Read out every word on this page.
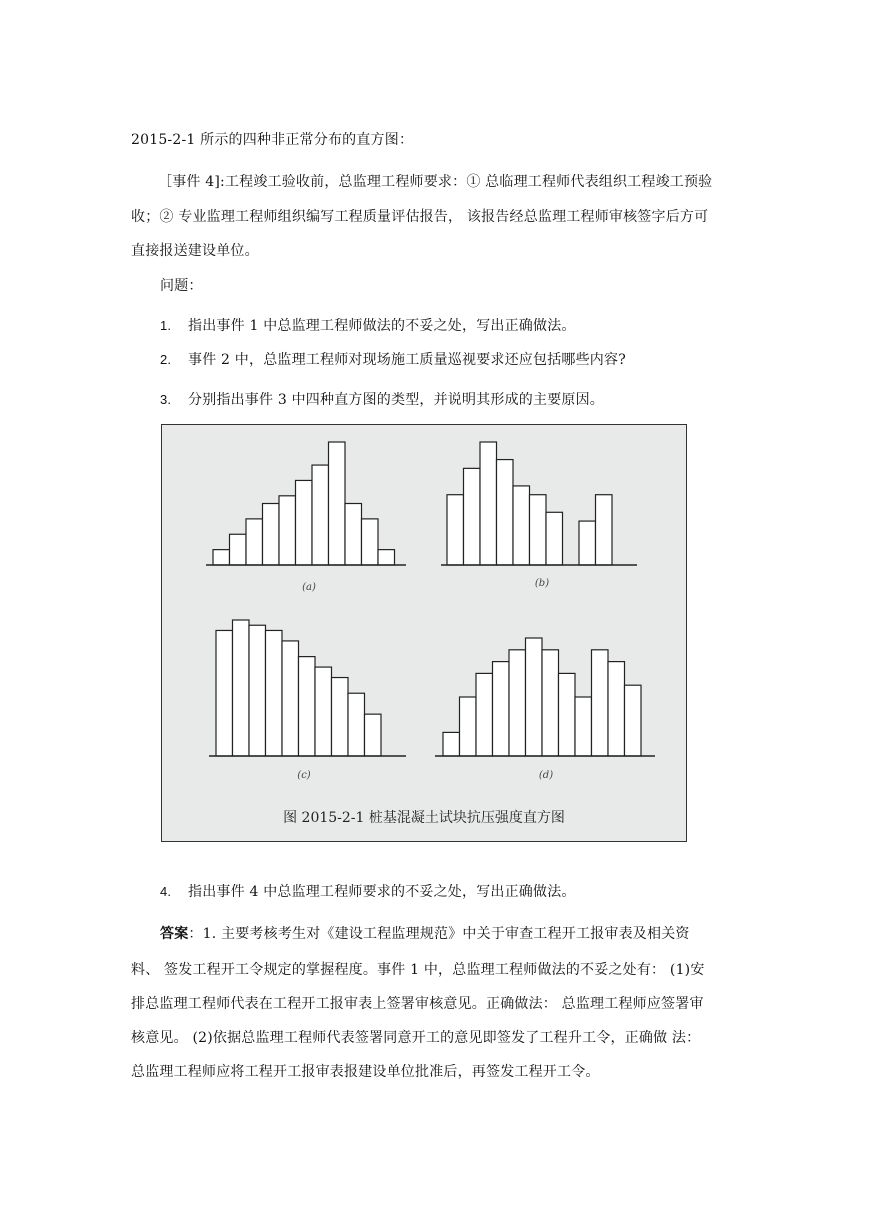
2015-2-1 所示的四种非正常分布的直方图：
［事件 4]:工程竣工验收前，总监理工程师要求：① 总临理工程师代表组织工程竣工预验
收；② 专业监理工程师组织编写工程质量评估报告， 该报告经总监理工程师审核签字后方可
直接报送建设单位。
问题：
1. 指出事件 1 中总监理工程师做法的不妥之处，写出正确做法。
2. 事件 2 中，总监理工程师对现场施工质量巡视要求还应包括哪些内容?
3. 分别指出事件 3 中四种直方图的类型，并说明其形成的主要原因。
(a)	(b)
(c)	(d)
图 2015-2-1 桩基混凝土试块抗压强度直方图
4. 指出事件 4 中总监理工程师要求的不妥之处，写出正确做法。
答案：1. 主要考核考生对《建设工程监理规范》中关于审查工程开工报审表及相关资
料、 签发工程开工令规定的掌握程度。事件 1 中，总监理工程师做法的不妥之处有： (1)安
排总监理工程师代表在工程开工报审表上签署审核意见。正确做法： 总监理工程师应签署审
核意见。 (2)依据总监理工程师代表签署同意开工的意见即签发了工程升工令，正确做 法：
总监理工程师应将工程开工报审表报建设单位批准后，再签发工程开工令。
